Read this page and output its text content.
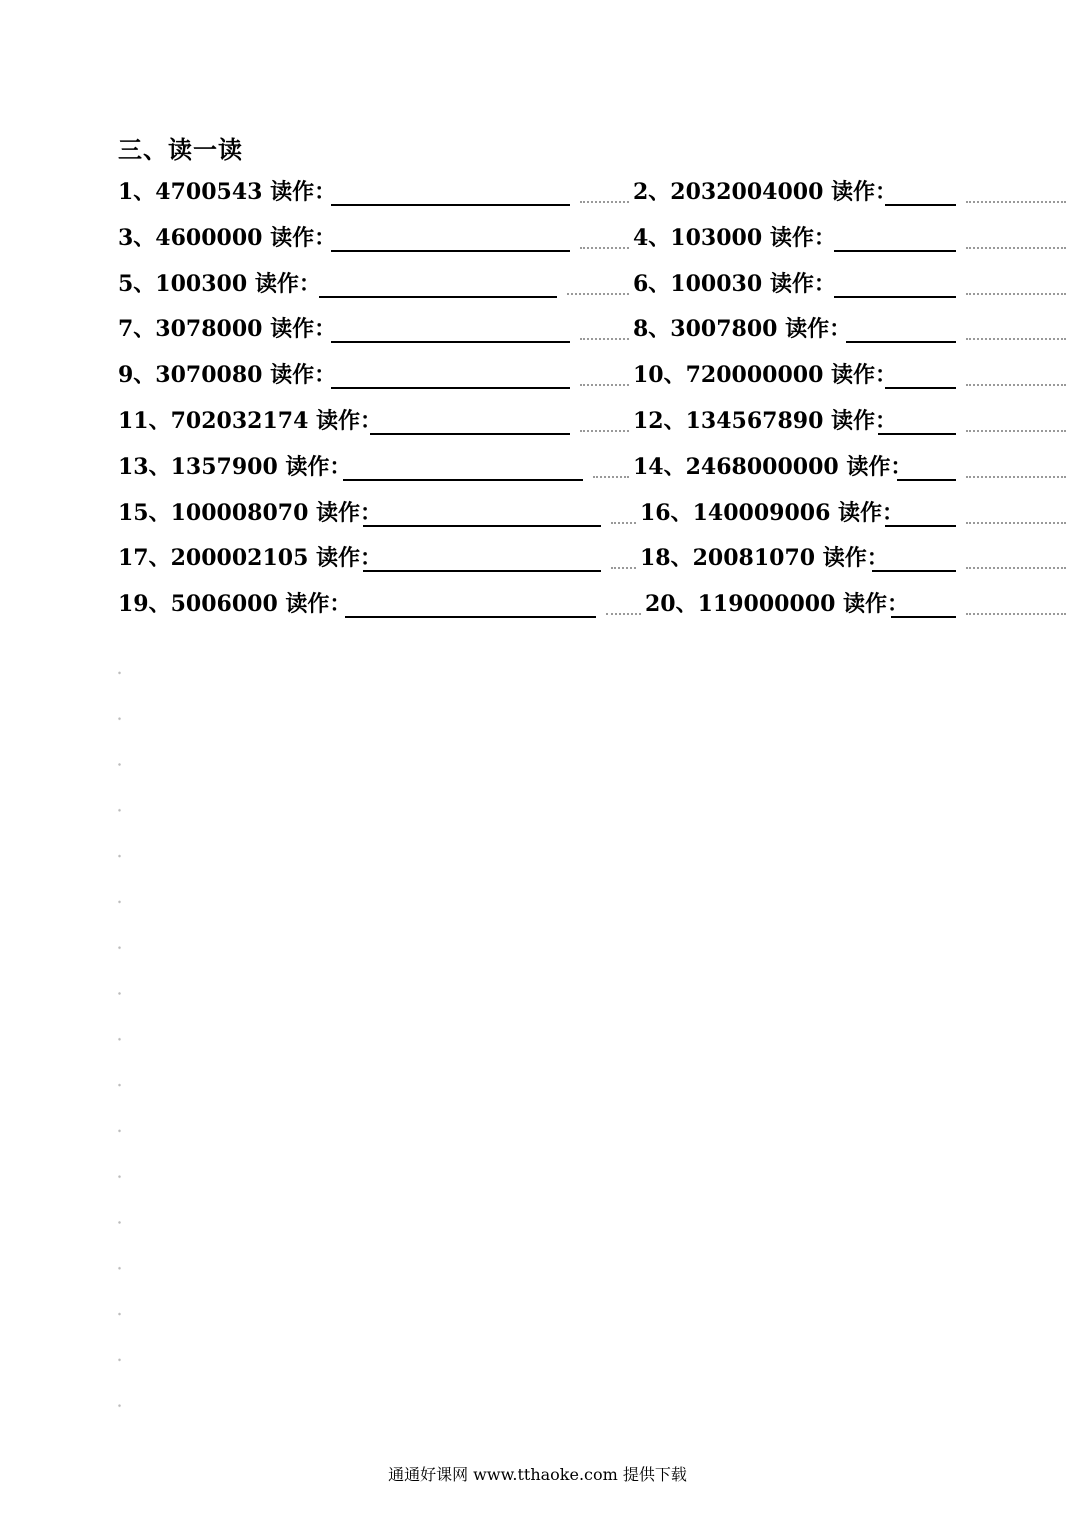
三、读一读
1、4700543 读作：	2、2032004000 读作：
3、4600000 读作：	4、103000 读作：
5、100300 读作：	6、100030 读作：
7、3078000 读作：	8、3007800 读作：
9、3070080 读作：	10、720000000 读作：
11、702032174 读作：	12、134567890 读作：
13、1357900 读作：	14、2468000000 读作：
15、100008070 读作：	16、140009006 读作：
17、200002105 读作：	18、20081070 读作：
19、5006000 读作：	20、119000000 读作：
通通好课网 www.tthaoke.com 提供下载
